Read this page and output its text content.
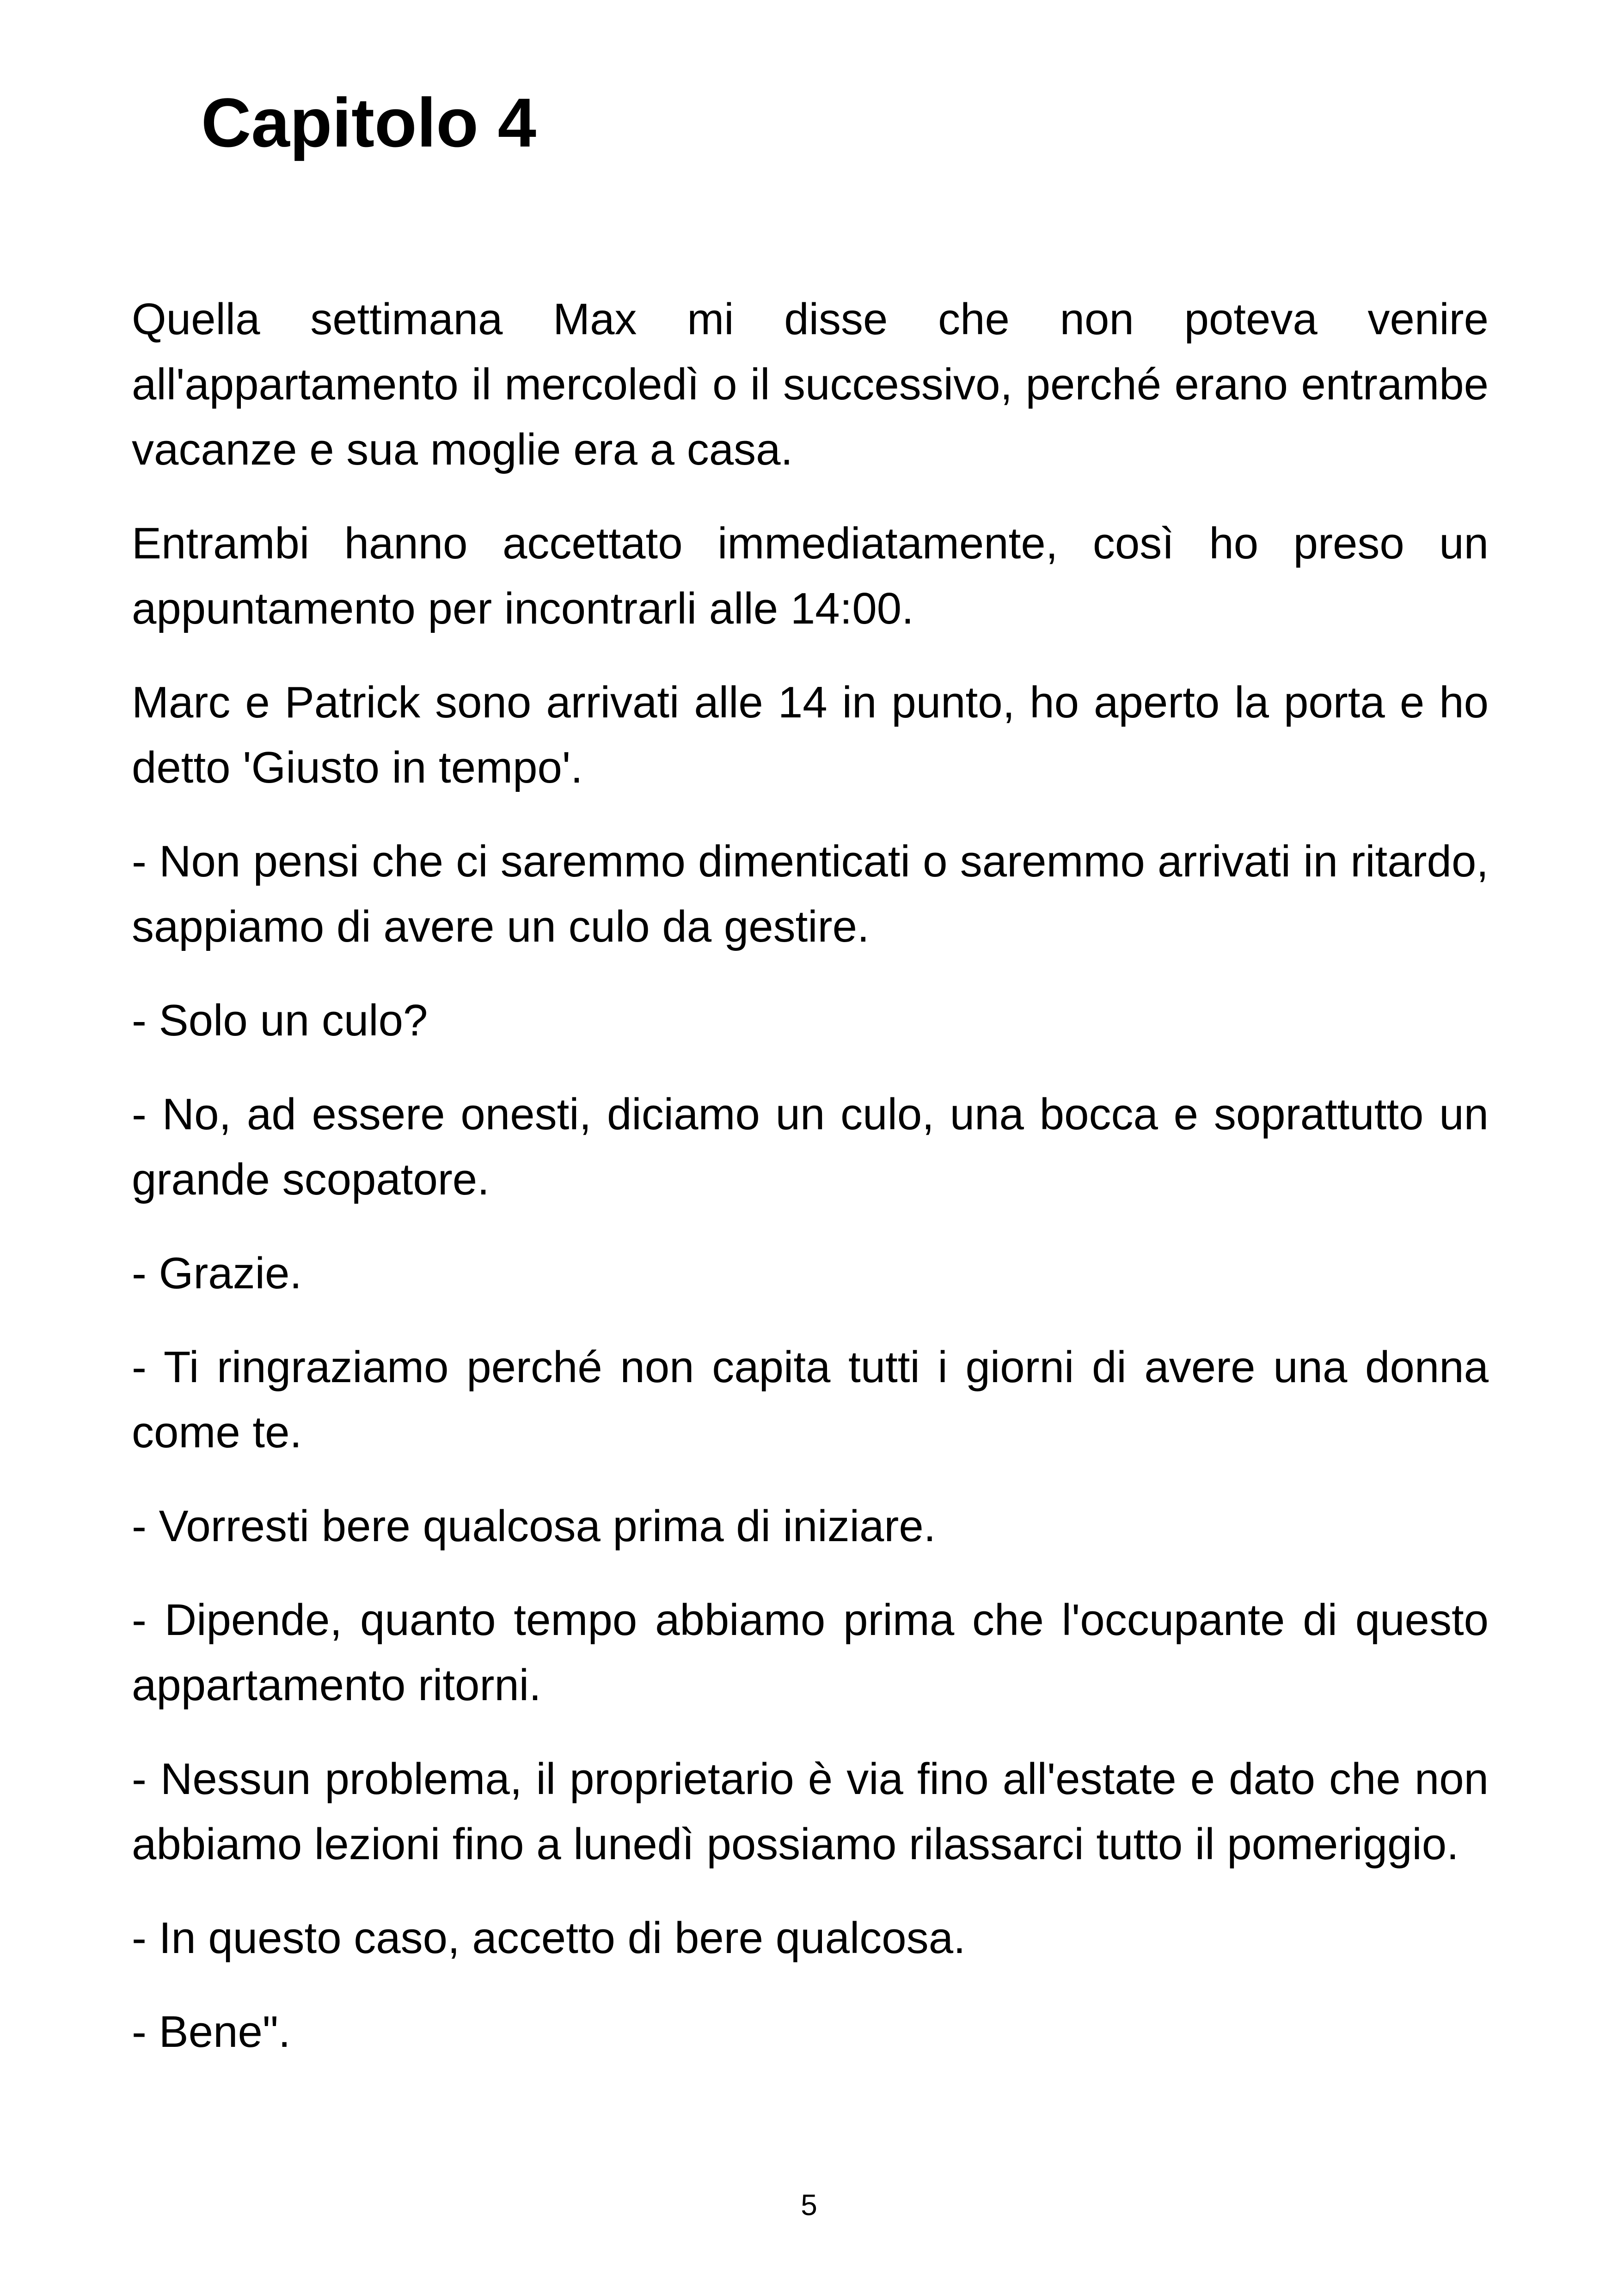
Capitolo 4

Quella settimana Max mi disse che non poteva venire all'appartamento il mercoledì o il successivo, perché erano entrambe vacanze e sua moglie era a casa.

Entrambi hanno accettato immediatamente, così ho preso un appuntamento per incontrarli alle 14:00.

Marc e Patrick sono arrivati alle 14 in punto, ho aperto la porta e ho detto 'Giusto in tempo'.

- Non pensi che ci saremmo dimenticati o saremmo arrivati in ritardo, sappiamo di avere un culo da gestire.

- Solo un culo?

- No, ad essere onesti, diciamo un culo, una bocca e soprattutto un grande scopatore.

- Grazie.

- Ti ringraziamo perché non capita tutti i giorni di avere una donna come te.

- Vorresti bere qualcosa prima di iniziare.

- Dipende, quanto tempo abbiamo prima che l'occupante di questo appartamento ritorni.

- Nessun problema, il proprietario è via fino all'estate e dato che non abbiamo lezioni fino a lunedì possiamo rilassarci tutto il pomeriggio.

- In questo caso, accetto di bere qualcosa.

- Bene".

5
